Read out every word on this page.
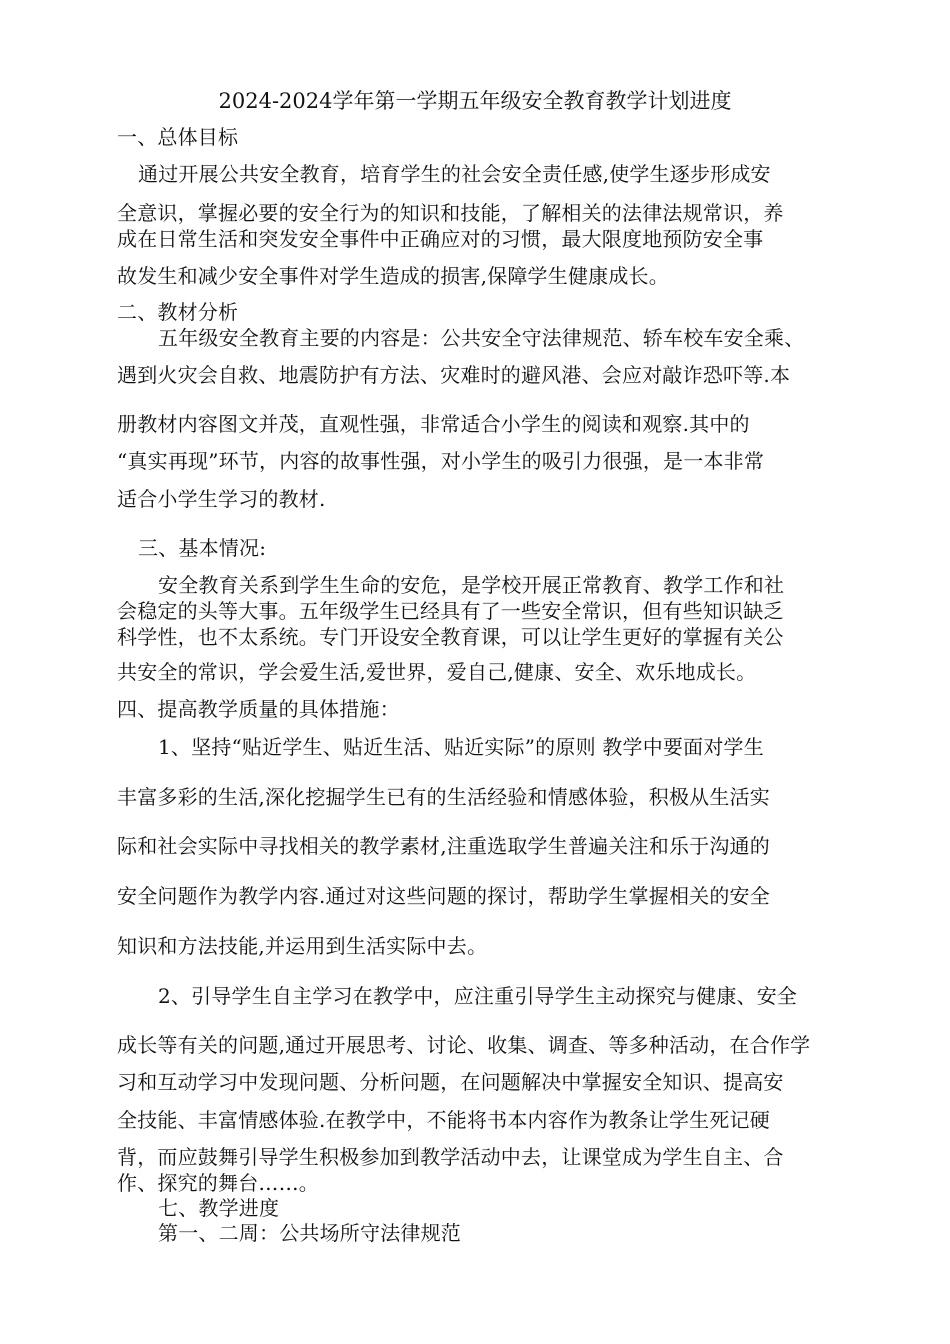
2024-2024学年第一学期五年级安全教育教学计划进度
一、总体目标
通过开展公共安全教育，培育学生的社会安全责任感,使学生逐步形成安
全意识，掌握必要的安全行为的知识和技能，了解相关的法律法规常识，养
成在日常生活和突发安全事件中正确应对的习惯，最大限度地预防安全事
故发生和减少安全事件对学生造成的损害,保障学生健康成长。
二、教材分析
五年级安全教育主要的内容是：公共安全守法律规范、轿车校车安全乘、
遇到火灾会自救、地震防护有方法、灾难时的避风港、会应对敲诈恐吓等.本
册教材内容图文并茂，直观性强，非常适合小学生的阅读和观察.其中的
“真实再现”环节，内容的故事性强，对小学生的吸引力很强，是一本非常
适合小学生学习的教材.
三、基本情况:
安全教育关系到学生生命的安危，是学校开展正常教育、教学工作和社
会稳定的头等大事。五年级学生已经具有了一些安全常识，但有些知识缺乏
科学性，也不太系统。专门开设安全教育课，可以让学生更好的掌握有关公
共安全的常识，学会爱生活,爱世界，爱自己,健康、安全、欢乐地成长。
四、提高教学质量的具体措施：
1、坚持“贴近学生、贴近生活、贴近实际”的原则 教学中要面对学生
丰富多彩的生活,深化挖掘学生已有的生活经验和情感体验，积极从生活实
际和社会实际中寻找相关的教学素材,注重选取学生普遍关注和乐于沟通的
安全问题作为教学内容.通过对这些问题的探讨，帮助学生掌握相关的安全
知识和方法技能,并运用到生活实际中去。
2、引导学生自主学习在教学中，应注重引导学生主动探究与健康、安全
成长等有关的问题,通过开展思考、讨论、收集、调查、等多种活动，在合作学
习和互动学习中发现问题、分析问题，在问题解决中掌握安全知识、提高安
全技能、丰富情感体验.在教学中，不能将书本内容作为教条让学生死记硬
背，而应鼓舞引导学生积极参加到教学活动中去，让课堂成为学生自主、合
作、探究的舞台……。
七、教学进度
第一、二周：公共场所守法律规范
